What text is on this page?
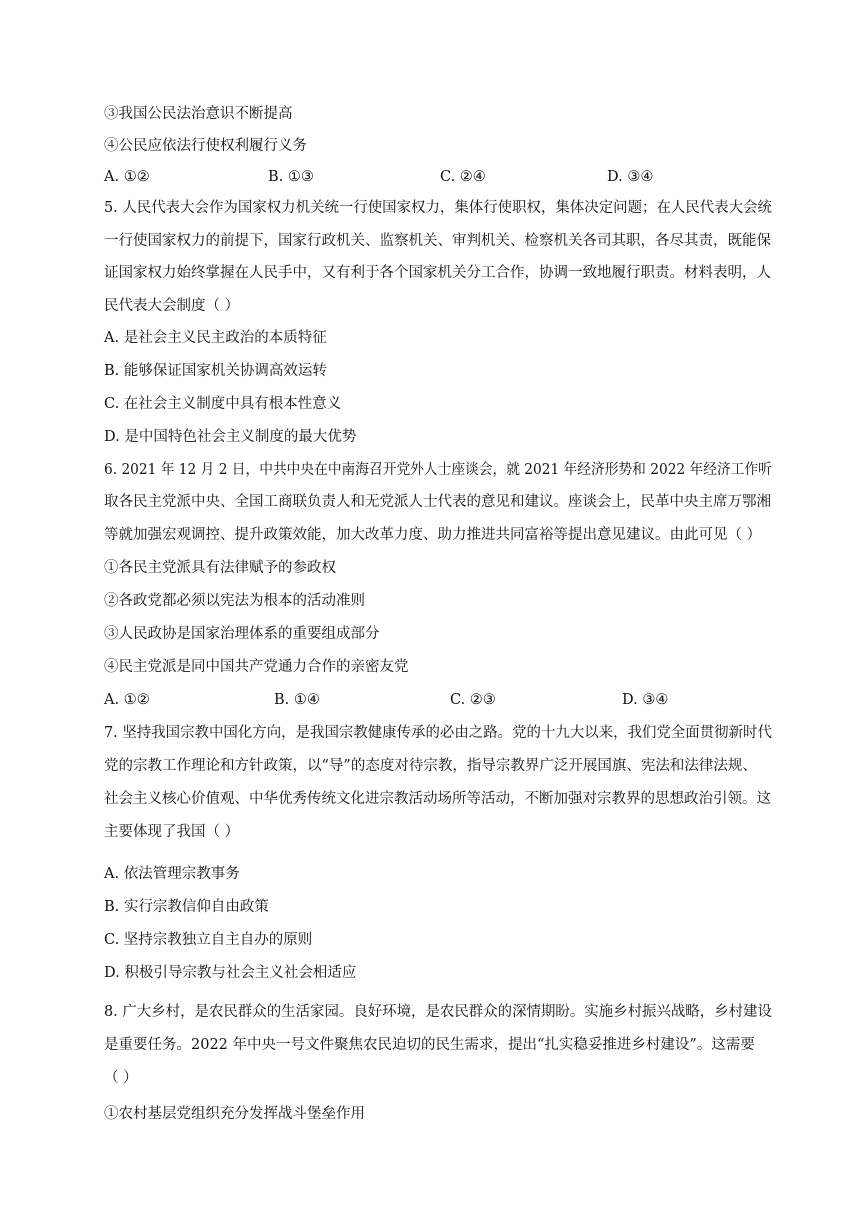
③我国公民法治意识不断提高
④公民应依法行使权利履行义务
A. ①②	B. ①③	C. ②④	D. ③④
5. 人民代表大会作为国家权力机关统一行使国家权力，集体行使职权，集体决定问题；在人民代表大会统
一行使国家权力的前提下，国家行政机关、监察机关、审判机关、检察机关各司其职，各尽其责，既能保
证国家权力始终掌握在人民手中，又有利于各个国家机关分工合作，协调一致地履行职责。材料表明，人
民代表大会制度（ ）
A. 是社会主义民主政治的本质特征
B. 能够保证国家机关协调高效运转
C. 在社会主义制度中具有根本性意义
D. 是中国特色社会主义制度的最大优势
6. 2021 年 12 月 2 日，中共中央在中南海召开党外人士座谈会，就 2021 年经济形势和 2022 年经济工作听
取各民主党派中央、全国工商联负责人和无党派人士代表的意见和建议。座谈会上，民革中央主席万鄂湘
等就加强宏观调控、提升政策效能，加大改革力度、助力推进共同富裕等提出意见建议。由此可见（ ）
①各民主党派具有法律赋予的参政权
②各政党都必须以宪法为根本的活动准则
③人民政协是国家治理体系的重要组成部分
④民主党派是同中国共产党通力合作的亲密友党
A. ①②	B. ①④	C. ②③	D. ③④
7. 坚持我国宗教中国化方向，是我国宗教健康传承的必由之路。党的十九大以来，我们党全面贯彻新时代
党的宗教工作理论和方针政策，以“导”的态度对待宗教，指导宗教界广泛开展国旗、宪法和法律法规、
社会主义核心价值观、中华优秀传统文化进宗教活动场所等活动，不断加强对宗教界的思想政治引领。这
主要体现了我国（ ）
A. 依法管理宗教事务
B. 实行宗教信仰自由政策
C. 坚持宗教独立自主自办的原则
D. 积极引导宗教与社会主义社会相适应
8. 广大乡村，是农民群众的生活家园。良好环境，是农民群众的深情期盼。实施乡村振兴战略，乡村建设
是重要任务。2022 年中央一号文件聚焦农民迫切的民生需求，提出“扎实稳妥推进乡村建设”。这需要
（ ）
①农村基层党组织充分发挥战斗堡垒作用
